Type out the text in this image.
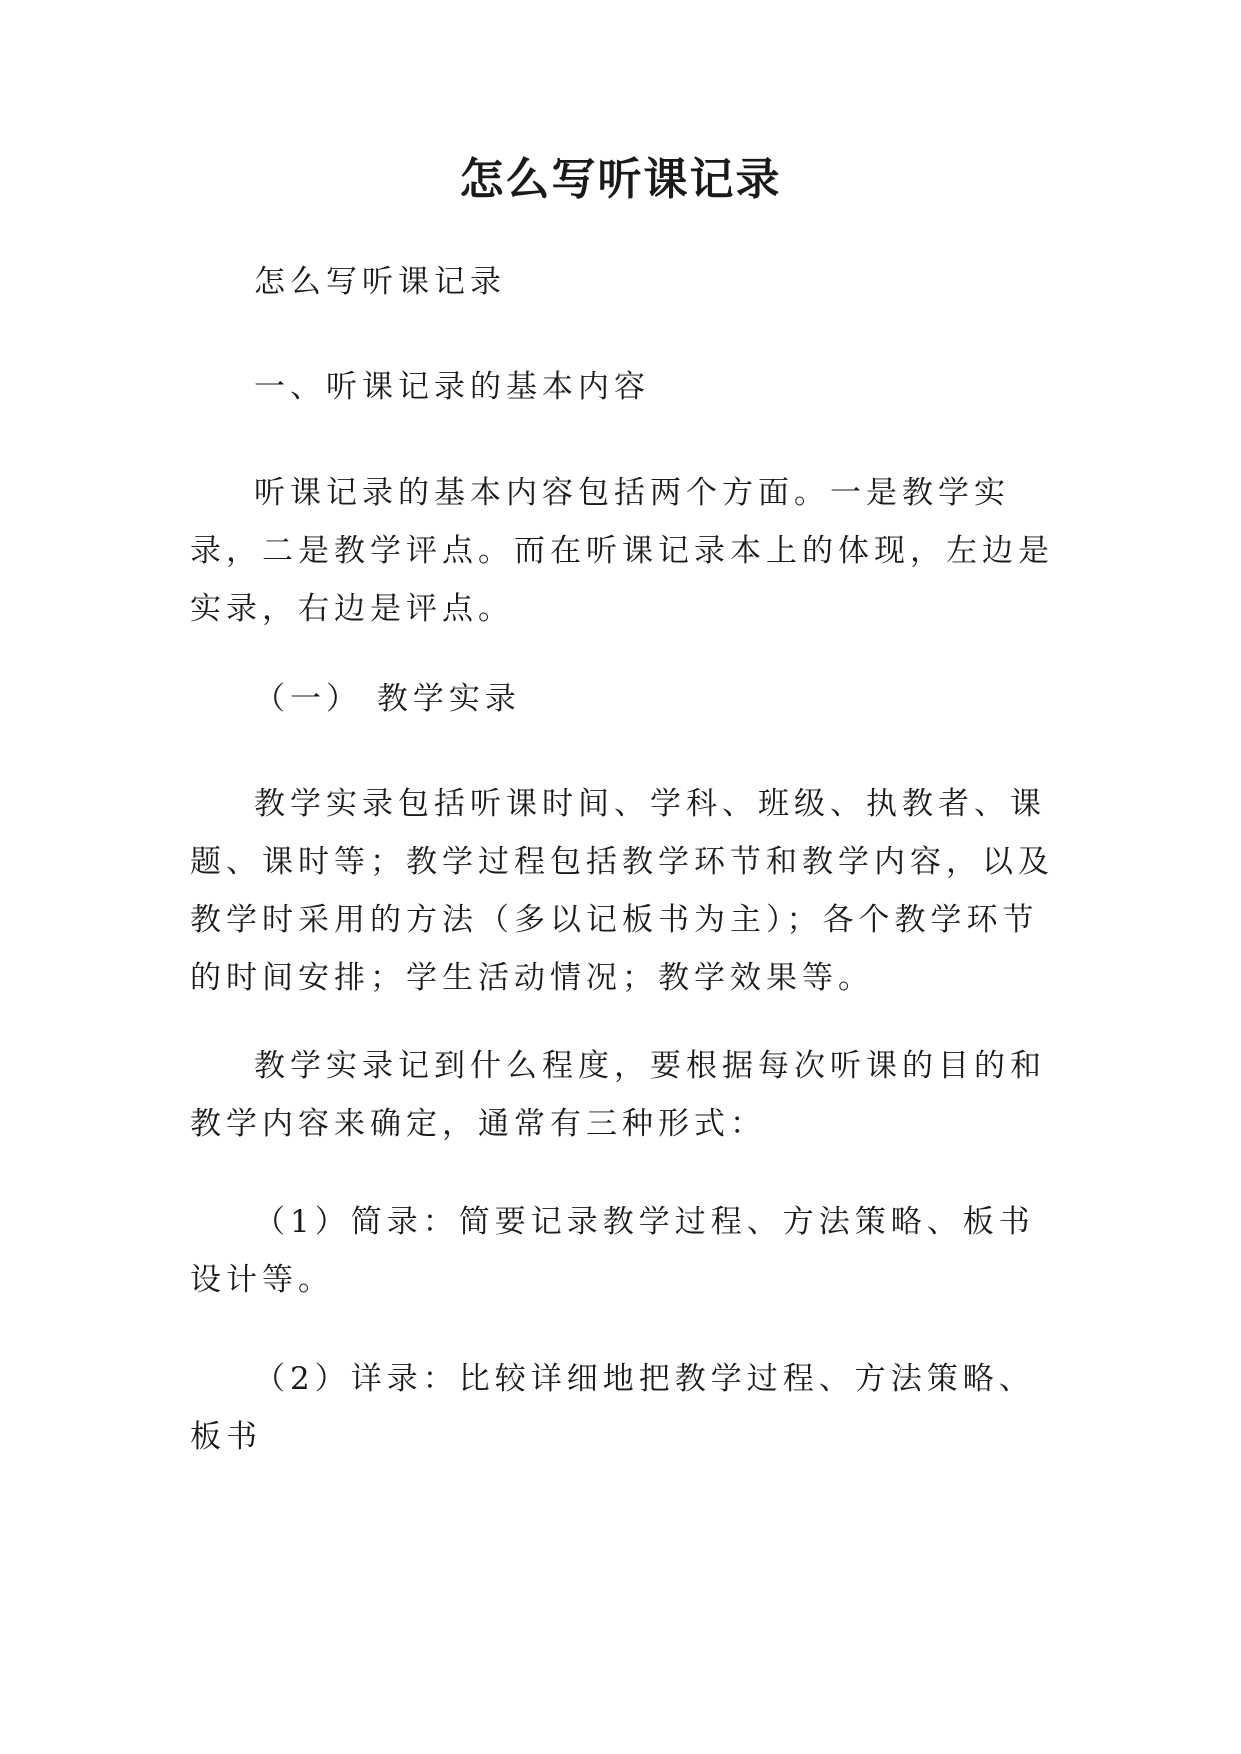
怎么写听课记录

怎么写听课记录

一、听课记录的基本内容

听课记录的基本内容包括两个方面。一是教学实录，二是教学评点。而在听课记录本上的体现，左边是实录，右边是评点。

（一） 教学实录

教学实录包括听课时间、学科、班级、执教者、课题、课时等；教学过程包括教学环节和教学内容，以及教学时采用的方法（多以记板书为主）；各个教学环节的时间安排；学生活动情况；教学效果等。

教学实录记到什么程度，要根据每次听课的目的和教学内容来确定，通常有三种形式：

（1）简录：简要记录教学过程、方法策略、板书设计等。

（2）详录：比较详细地把教学过程、方法策略、板书
